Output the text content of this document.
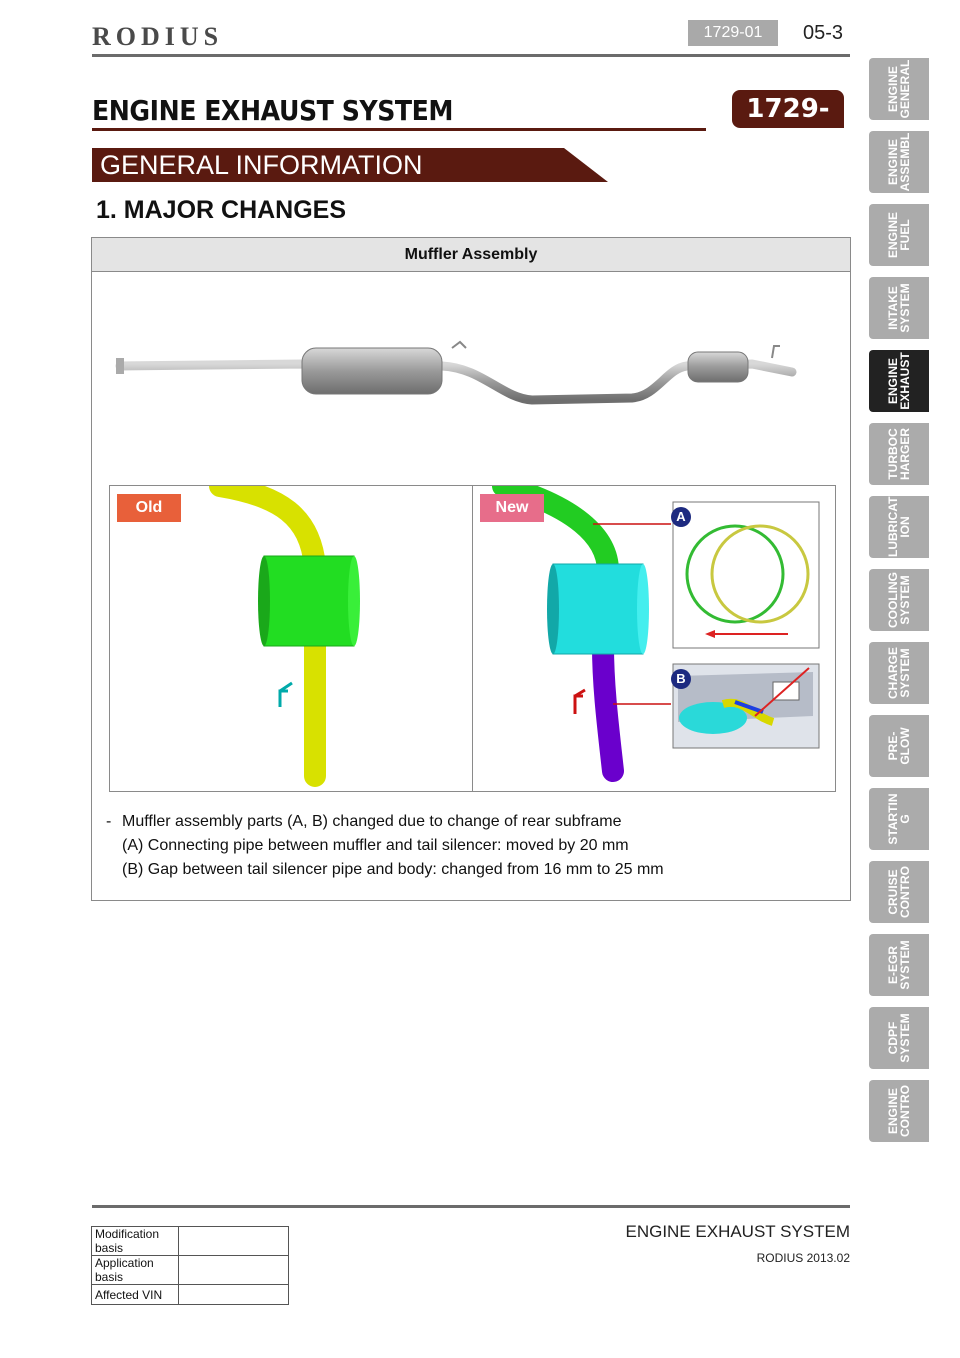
RODIUS	1729-01	05-3
ENGINE EXHAUST SYSTEM	1729-01
GENERAL INFORMATION
1. MAJOR CHANGES
Muffler Assembly
Old	New
A
B
- Muffler assembly parts (A, B) changed due to change of rear subframe
(A) Connecting pipe between muffler and tail silencer: moved by 20 mm
(B) Gap between tail silencer pipe and body: changed from 16 mm to 25 mm
ENGINE
GENERAL
ENGINE
ASSEMBL
ENGINE
FUEL
INTAKE
SYSTEM
ENGINE
EXHAUST
TURBOC
HARGER
LUBRICAT
ION
COOLING
SYSTEM
CHARGE
SYSTEM
PRE-
GLOW
STARTIN
G
CRUISE
CONTRO
E-EGR
SYSTEM
CDPF
SYSTEM
ENGINE
CONTRO
Modification basis	
Application basis	
Affected VIN	
ENGINE EXHAUST SYSTEM
RODIUS 2013.02
